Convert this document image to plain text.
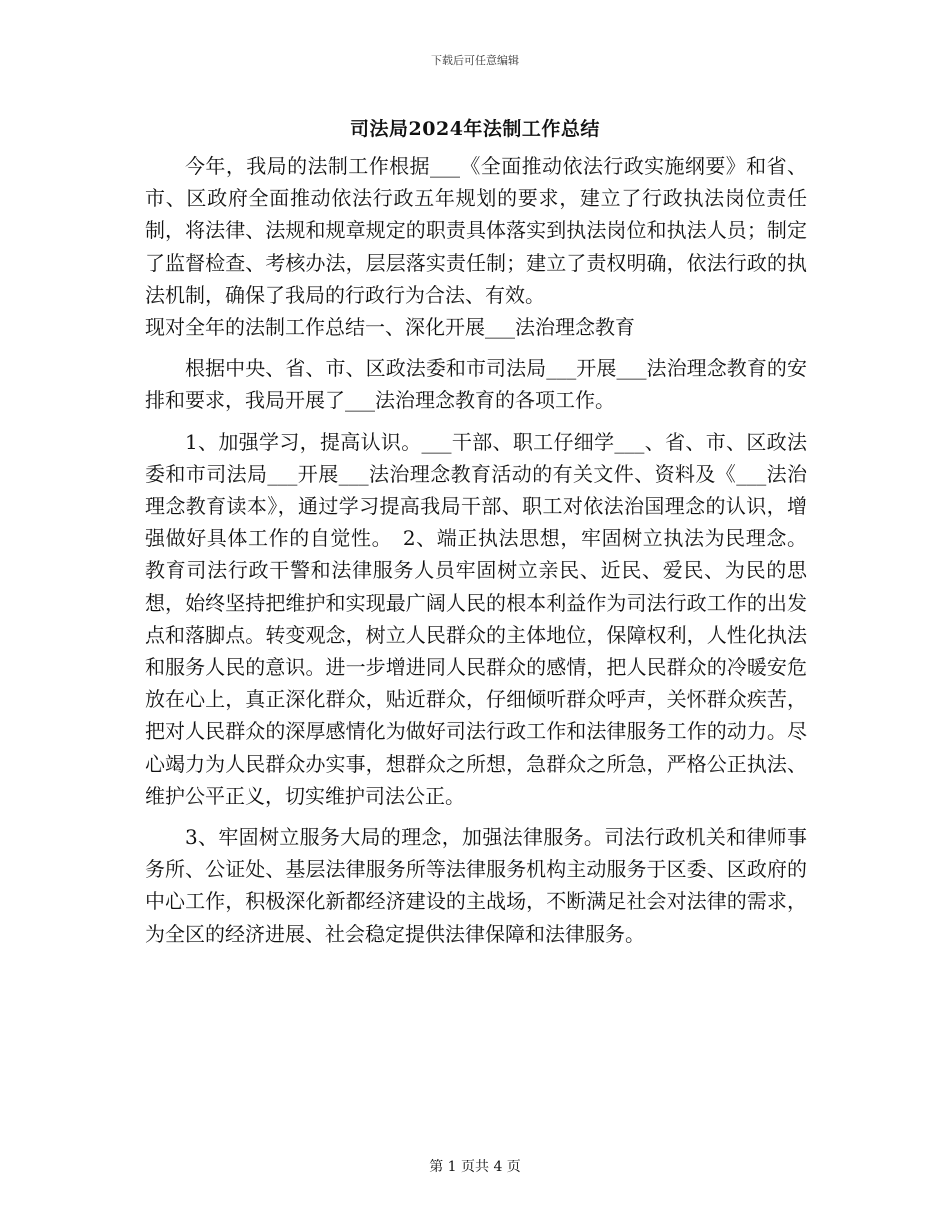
下载后可任意编辑
司法局2024年法制工作总结

今年，我局的法制工作根据___《全面推动依法行政实施纲要》和省、市、区政府全面推动依法行政五年规划的要求，建立了行政执法岗位责任制，将法律、法规和规章规定的职责具体落实到执法岗位和执法人员；制定了监督检查、考核办法，层层落实责任制；建立了责权明确，依法行政的执法机制，确保了我局的行政行为合法、有效。

现对全年的法制工作总结一、深化开展___法治理念教育

根据中央、省、市、区政法委和市司法局___开展___法治理念教育的安排和要求，我局开展了___法治理念教育的各项工作。

1、加强学习，提高认识。___干部、职工仔细学___、省、市、区政法委和市司法局___开展___法治理念教育活动的有关文件、资料及《___法治理念教育读本》，通过学习提高我局干部、职工对依法治国理念的认识，增强做好具体工作的自觉性。　2、端正执法思想，牢固树立执法为民理念。教育司法行政干警和法律服务人员牢固树立亲民、近民、爱民、为民的思想，始终坚持把维护和实现最广阔人民的根本利益作为司法行政工作的出发点和落脚点。转变观念，树立人民群众的主体地位，保障权利，人性化执法和服务人民的意识。进一步增进同人民群众的感情，把人民群众的冷暖安危放在心上，真正深化群众，贴近群众，仔细倾听群众呼声，关怀群众疾苦，把对人民群众的深厚感情化为做好司法行政工作和法律服务工作的动力。尽心竭力为人民群众办实事，想群众之所想，急群众之所急，严格公正执法、维护公平正义，切实维护司法公正。

3、牢固树立服务大局的理念，加强法律服务。司法行政机关和律师事务所、公证处、基层法律服务所等法律服务机构主动服务于区委、区政府的中心工作，积极深化新都经济建设的主战场，不断满足社会对法律的需求，为全区的经济进展、社会稳定提供法律保障和法律服务。

第 1 页共 4 页
